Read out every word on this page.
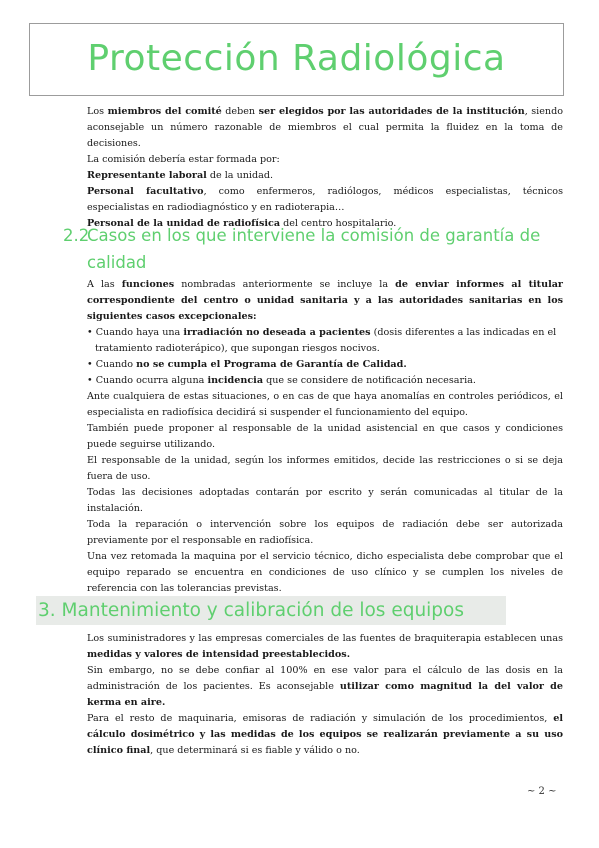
Protección Radiológica

Los miembros del comité deben ser elegidos por las autoridades de la institución, siendo aconsejable un número razonable de miembros el cual permita la fluidez en la toma de decisiones.

La comisión debería estar formada por:

Representante laboral de la unidad.

Personal facultativo, como enfermeros, radiólogos, médicos especialistas, técnicos especialistas en radiodiagnóstico y en radioterapia…

Personal de la unidad de radiofísica del centro hospitalario.

2.2Casos en los que interviene la comisión de garantía de
calidad

A las funciones nombradas anteriormente se incluye la de enviar informes al titular correspondiente del centro o unidad sanitaria y a las autoridades sanitarias en los siguientes casos excepcionales:

• Cuando haya una irradiación no deseada a pacientes (dosis diferentes a las indicadas en el

tratamiento radioterápico), que supongan riesgos nocivos.

• Cuando no se cumpla el Programa de Garantía de Calidad.

• Cuando ocurra alguna incidencia que se considere de notificación necesaria.

Ante cualquiera de estas situaciones, o en cas de que haya anomalías en controles periódicos, el especialista en radiofísica decidirá si suspender el funcionamiento del equipo.

También puede proponer al responsable de la unidad asistencial en que casos y condiciones puede seguirse utilizando.

El responsable de la unidad, según los informes emitidos, decide las restricciones o si se deja fuera de uso.

Todas las decisiones adoptadas contarán por escrito y serán comunicadas al titular de la instalación.

Toda la reparación o intervención sobre los equipos de radiación debe ser autorizada previamente por el responsable en radiofísica.

Una vez retomada la maquina por el servicio técnico, dicho especialista debe comprobar que el equipo reparado se encuentra en condiciones de uso clínico y se cumplen los niveles de referencia con las tolerancias previstas.

3. Mantenimiento y calibración de los equipos

Los suministradores y las empresas comerciales de las fuentes de braquiterapia establecen unas medidas y valores de intensidad preestablecidos.

Sin embargo, no se debe confiar al 100% en ese valor para el cálculo de las dosis en la administración de los pacientes. Es aconsejable utilizar como magnitud la del valor de kerma en aire.

Para el resto de maquinaria, emisoras de radiación y simulación de los procedimientos, el cálculo dosimétrico y las medidas de los equipos se realizarán previamente a su uso clínico final, que determinará si es fiable y válido o no.

~ 2 ~
